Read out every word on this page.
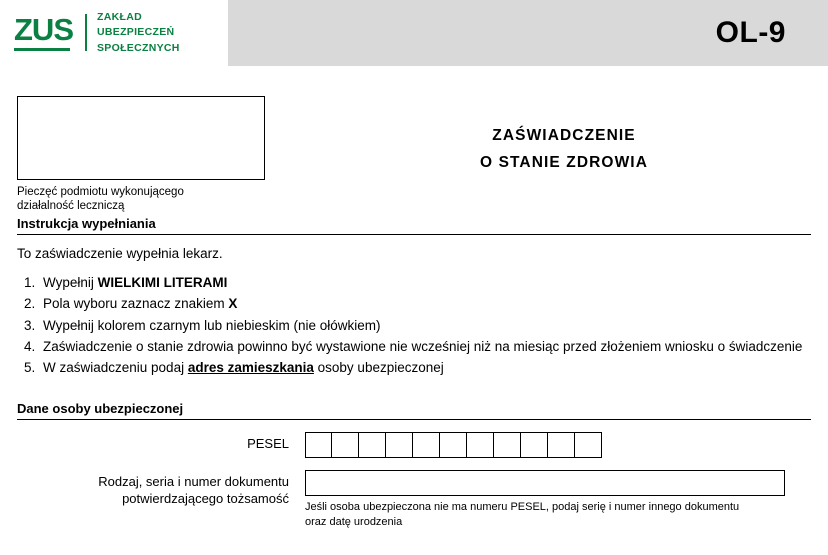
ZUS	ZAKŁAD
UBEZPIECZEŃ
SPOŁECZNYCH	OL-9
Pieczęć podmiotu wykonującego
działalność leczniczą
ZAŚWIADCZENIE
O STANIE ZDROWIA
Instrukcja wypełniania

To zaświadczenie wypełnia lekarz.

1. Wypełnij WIELKIMI LITERAMI
2. Pola wyboru zaznacz znakiem X
3. Wypełnij kolorem czarnym lub niebieskim (nie ołówkiem)
4. Zaświadczenie o stanie zdrowia powinno być wystawione nie wcześniej niż na miesiąc przed złożeniem wniosku o świadczenie
5. W zaświadczeniu podaj adres zamieszkania osoby ubezpieczonej
Dane osoby ubezpieczonej
PESEL
Rodzaj, seria i numer dokumentu
potwierdzającego tożsamość
Jeśli osoba ubezpieczona nie ma numeru PESEL, podaj serię i numer innego dokumentu
oraz datę urodzenia
